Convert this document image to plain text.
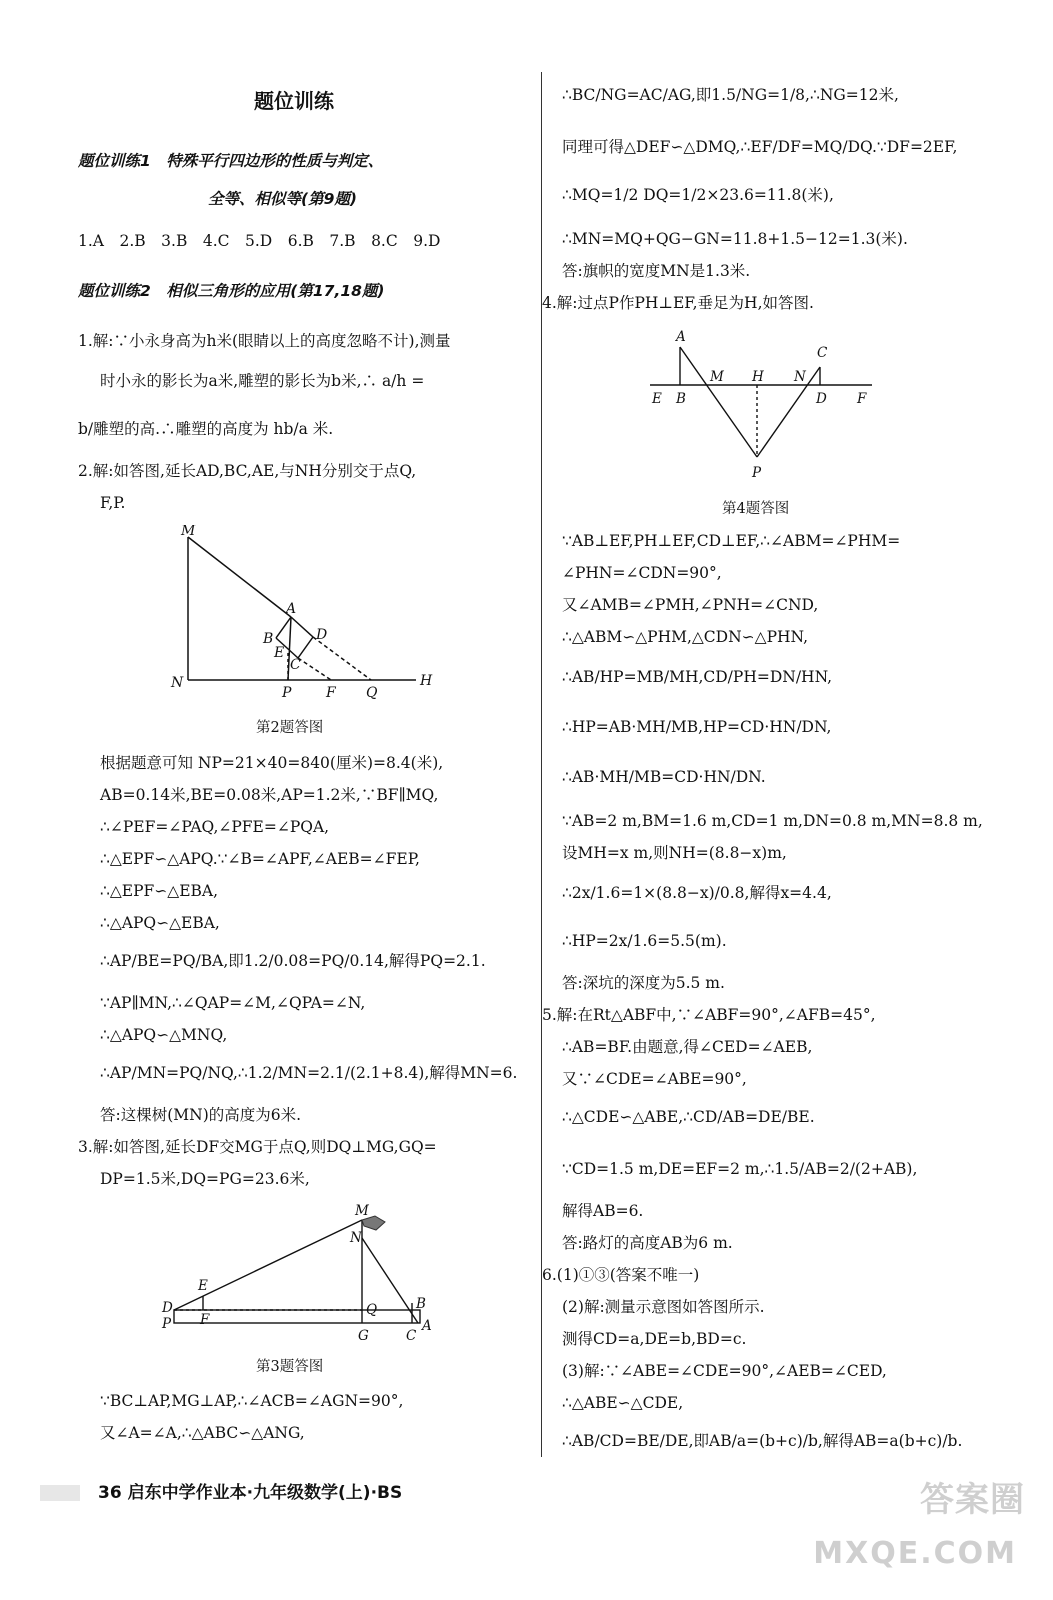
题位训练
题位训练1　特殊平行四边形的性质与判定、
全等、相似等(第9题)
1.A　2.B　3.B　4.C　5.D　6.B　7.B　8.C　9.D
题位训练2　相似三角形的应用(第17,18题)
1.解:∵小永身高为h米(眼睛以上的高度忽略不计),测量
时小永的影长为a米,雕塑的影长为b米,∴ a/h =
b/雕塑的高.∴雕塑的高度为 hb/a 米.
2.解:如答图,延长AD,BC,AE,与NH分别交于点Q,
F,P.
M
N
A
B
E
C
D
P F Q
H
第2题答图
根据题意可知 NP=21×40=840(厘米)=8.4(米),
AB=0.14米,BE=0.08米,AP=1.2米,∵BF∥MQ,
∴∠PEF=∠PAQ,∠PFE=∠PQA,
∴△EPF∽△APQ.∵∠B=∠APF,∠AEB=∠FEP,
∴△EPF∽△EBA,
∴△APQ∽△EBA,
∴AP/BE=PQ/BA,即1.2/0.08=PQ/0.14,解得PQ=2.1.
∵AP∥MN,∴∠QAP=∠M,∠QPA=∠N,
∴△APQ∽△MNQ,
∴AP/MN=PQ/NQ,∴1.2/MN=2.1/(2.1+8.4),解得MN=6.
答:这棵树(MN)的高度为6米.
3.解:如答图,延长DF交MG于点Q,则DQ⊥MG,GQ=
DP=1.5米,DQ=PG=23.6米,
M
N
E
D
P F
Q
G
B
C
A
第3题答图
∵BC⊥AP,MG⊥AP,∴∠ACB=∠AGN=90°,
又∠A=∠A,∴△ABC∽△ANG,
∴BC/NG=AC/AG,即1.5/NG=1/8,∴NG=12米,
同理可得△DEF∽△DMQ,∴EF/DF=MQ/DQ.∵DF=2EF,
∴MQ=1/2 DQ=1/2×23.6=11.8(米),
∴MN=MQ+QG−GN=11.8+1.5−12=1.3(米).
答:旗帜的宽度MN是1.3米.
4.解:过点P作PH⊥EF,垂足为H,如答图.
A
C
M H N
E B	D F
P
第4题答图
∵AB⊥EF,PH⊥EF,CD⊥EF,∴∠ABM=∠PHM=
∠PHN=∠CDN=90°,
又∠AMB=∠PMH,∠PNH=∠CND,
∴△ABM∽△PHM,△CDN∽△PHN,
∴AB/HP=MB/MH,CD/PH=DN/HN,
∴HP=AB·MH/MB,HP=CD·HN/DN,
∴AB·MH/MB=CD·HN/DN.
∵AB=2 m,BM=1.6 m,CD=1 m,DN=0.8 m,MN=8.8 m,
设MH=x m,则NH=(8.8−x)m,
∴2x/1.6=1×(8.8−x)/0.8,解得x=4.4,
∴HP=2x/1.6=5.5(m).
答:深坑的深度为5.5 m.
5.解:在Rt△ABF中,∵∠ABF=90°,∠AFB=45°,
∴AB=BF.由题意,得∠CED=∠AEB,
又∵∠CDE=∠ABE=90°,
∴△CDE∽△ABE,∴CD/AB=DE/BE.
∵CD=1.5 m,DE=EF=2 m,∴1.5/AB=2/(2+AB),
解得AB=6.
答:路灯的高度AB为6 m.
6.(1)①③(答案不唯一)
(2)解:测量示意图如答图所示.
测得CD=a,DE=b,BD=c.
(3)解:∵∠ABE=∠CDE=90°,∠AEB=∠CED,
∴△ABE∽△CDE,
∴AB/CD=BE/DE,即AB/a=(b+c)/b,解得AB=a(b+c)/b.
36 启东中学作业本·九年级数学(上)·BS	答案圈
MXQE.COM
